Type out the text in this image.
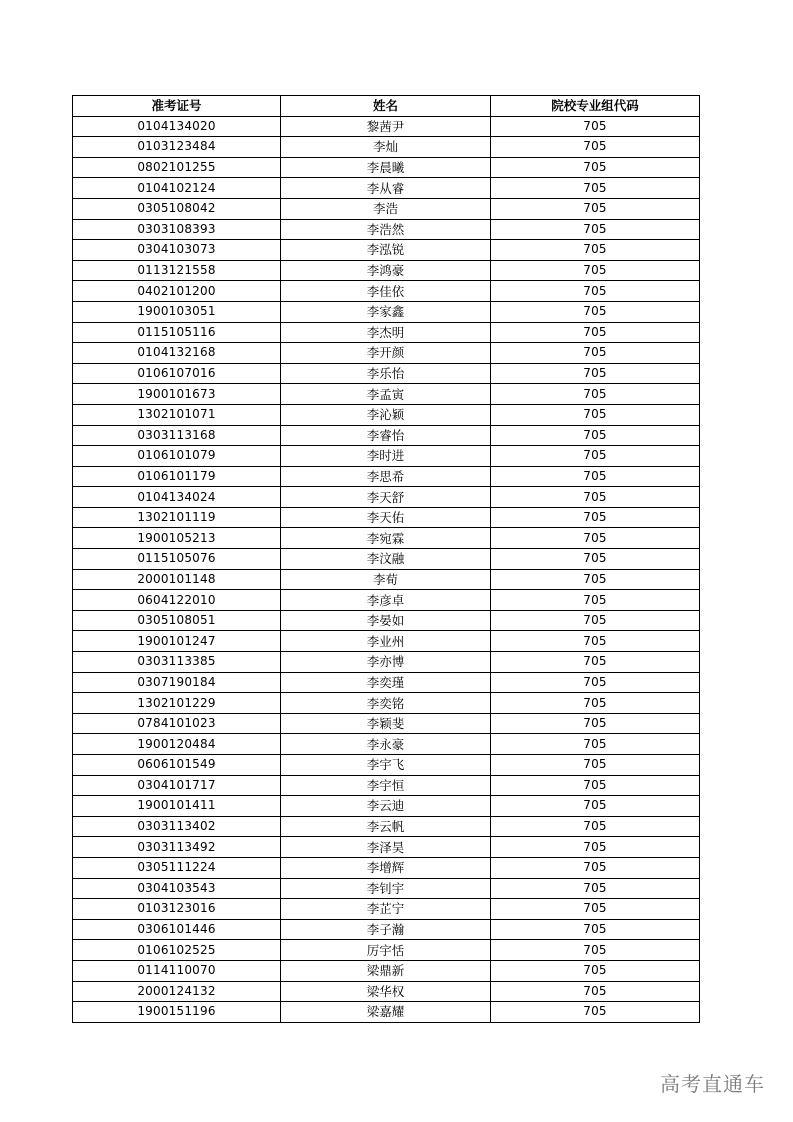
准考证号	姓名	院校专业组代码
0104134020	黎茜尹	705
0103123484	李灿	705
0802101255	李晨曦	705
0104102124	李从睿	705
0305108042	李浩	705
0303108393	李浩然	705
0304103073	李泓锐	705
0113121558	李鸿豪	705
0402101200	李佳依	705
1900103051	李家鑫	705
0115105116	李杰明	705
0104132168	李开颜	705
0106107016	李乐怡	705
1900101673	李孟寅	705
1302101071	李沁颖	705
0303113168	李睿怡	705
0106101079	李时进	705
0106101179	李思希	705
0104134024	李天舒	705
1302101119	李天佑	705
1900105213	李宛霖	705
0115105076	李汶融	705
2000101148	李荀	705
0604122010	李彦卓	705
0305108051	李晏如	705
1900101247	李业州	705
0303113385	李亦博	705
0307190184	李奕瑾	705
1302101229	李奕铭	705
0784101023	李颖斐	705
1900120484	李永豪	705
0606101549	李宇飞	705
0304101717	李宇恒	705
1900101411	李云迪	705
0303113402	李云帆	705
0303113492	李泽昊	705
0305111224	李增辉	705
0304103543	李钊宇	705
0103123016	李芷宁	705
0306101446	李子瀚	705
0106102525	厉宇恬	705
0114110070	梁鼎新	705
2000124132	梁华权	705
1900151196	梁嘉耀	705
高考直通车
